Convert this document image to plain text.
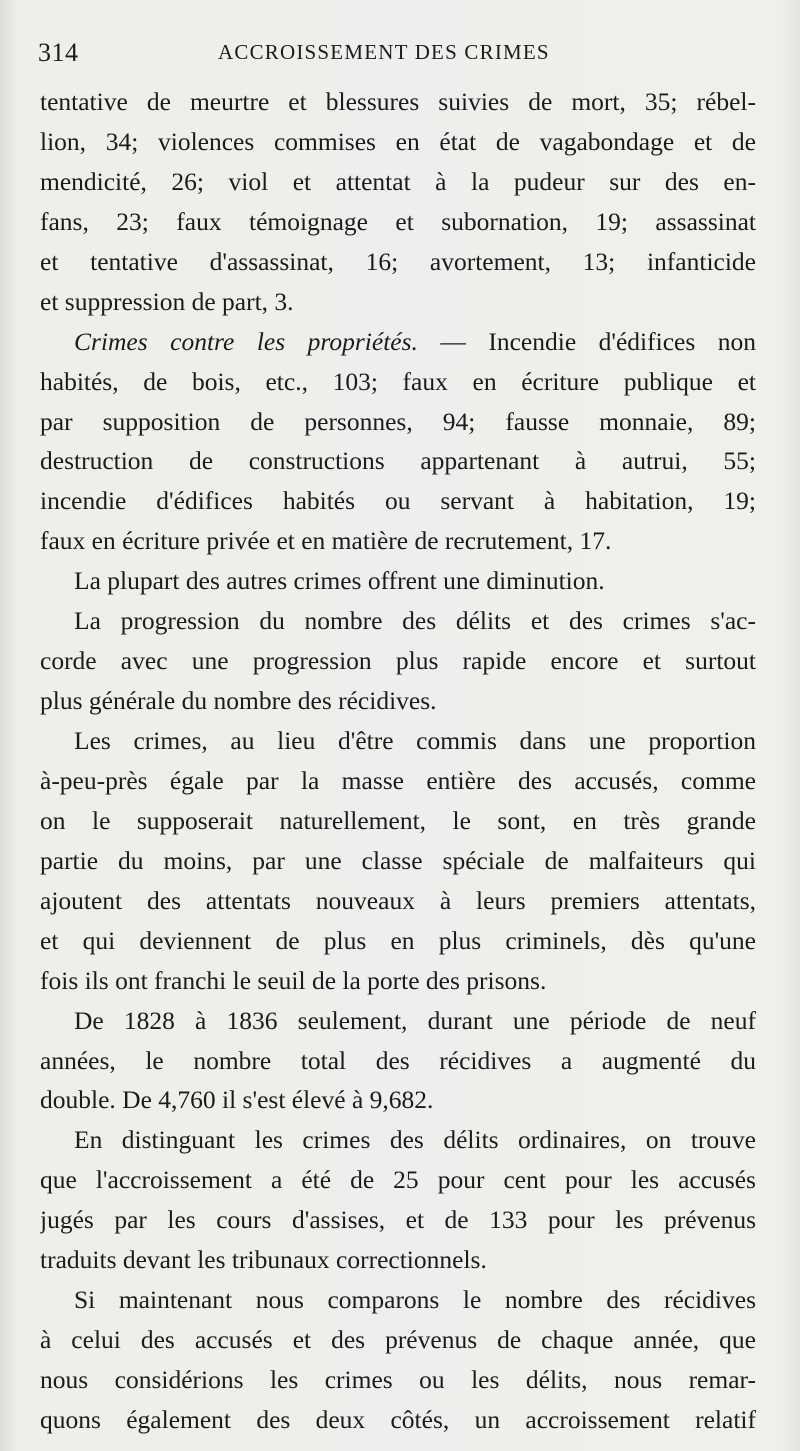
314	ACCROISSEMENT DES CRIMES
tentative de meurtre et blessures suivies de mort, 35; rébel-
lion, 34; violences commises en état de vagabondage et de
mendicité, 26; viol et attentat à la pudeur sur des en-
fans, 23; faux témoignage et subornation, 19; assassinat
et tentative d'assassinat, 16; avortement, 13; infanticide
et suppression de part, 3.
Crimes contre les propriétés. — Incendie d'édifices non
habités, de bois, etc., 103; faux en écriture publique et
par supposition de personnes, 94; fausse monnaie, 89;
destruction de constructions appartenant à autrui, 55;
incendie d'édifices habités ou servant à habitation, 19;
faux en écriture privée et en matière de recrutement, 17.
La plupart des autres crimes offrent une diminution.
La progression du nombre des délits et des crimes s'ac-
corde avec une progression plus rapide encore et surtout
plus générale du nombre des récidives.
Les crimes, au lieu d'être commis dans une proportion
à-peu-près égale par la masse entière des accusés, comme
on le supposerait naturellement, le sont, en très grande
partie du moins, par une classe spéciale de malfaiteurs qui
ajoutent des attentats nouveaux à leurs premiers attentats,
et qui deviennent de plus en plus criminels, dès qu'une
fois ils ont franchi le seuil de la porte des prisons.
De 1828 à 1836 seulement, durant une période de neuf
années, le nombre total des récidives a augmenté du
double. De 4,760 il s'est élevé à 9,682.
En distinguant les crimes des délits ordinaires, on trouve
que l'accroissement a été de 25 pour cent pour les accusés
jugés par les cours d'assises, et de 133 pour les prévenus
traduits devant les tribunaux correctionnels.
Si maintenant nous comparons le nombre des récidives
à celui des accusés et des prévenus de chaque année, que
nous considérions les crimes ou les délits, nous remar-
quons également des deux côtés, un accroissement relatif
